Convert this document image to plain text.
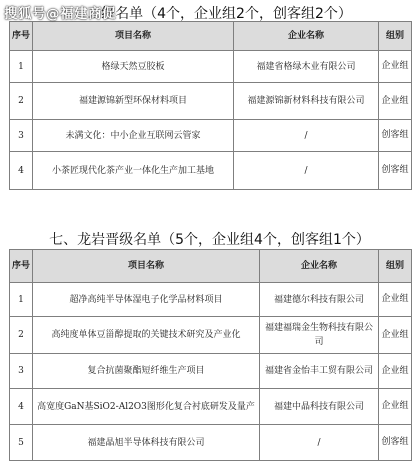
搜狐号@福建商促
…级名单（4个，企业组2个，创客组2个）
序号	项目名称	企业名称	组别
1	格绿天然豆胶板	福建省格绿木业有限公司	企业组
2	福建源锦新型环保材料项目	福建源锦新材料科技有限公司	企业组
3	未满文化：中小企业互联网云管家	/	创客组
4	小茶匠现代化茶产业一体化生产加工基地	/	创客组
七、龙岩晋级名单（5个，企业组4个，创客组1个）
序号	项目名称	企业名称	组别
1	超净高纯半导体湿电子化学品材料项目	福建德尔科技有限公司	企业组
2	高纯度单体豆甾醇提取的关键技术研究及产业化	福建福瑞金生物科技有限公司	企业组
3	复合抗菌聚酯短纤维生产项目	福建省金怡丰工贸有限公司	企业组
4	高宽度GaN基SiO2-Al2O3图形化复合衬底研发及量产	福建中晶科技有限公司	企业组
5	福建晶旭半导体科技有限公司	/	创客组
